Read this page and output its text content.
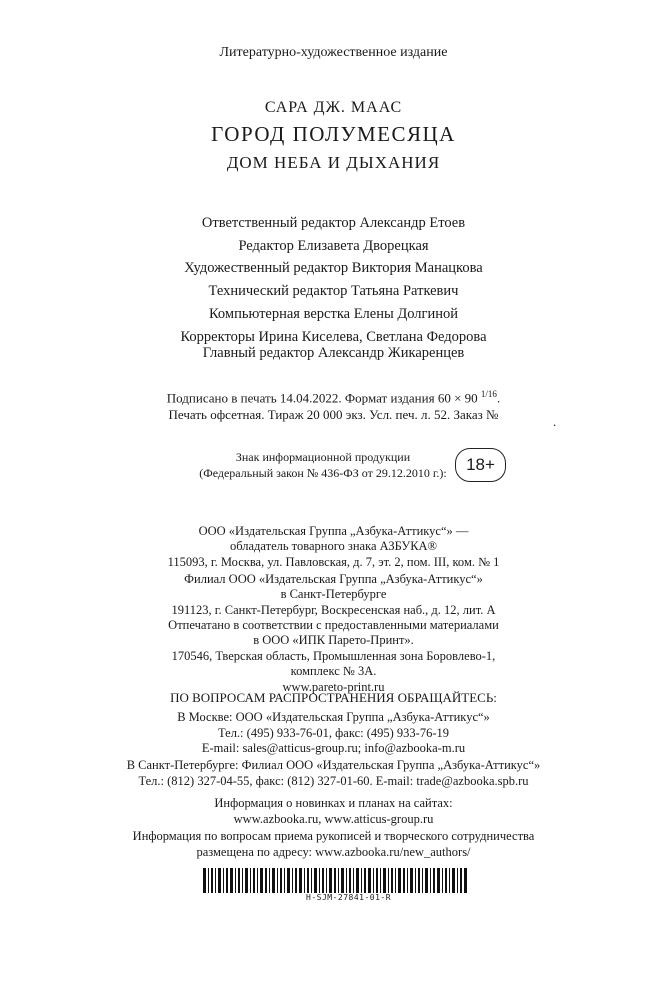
Литературно-художественное издание
САРА ДЖ. МААС
ГОРОД ПОЛУМЕСЯЦА
ДОМ НЕБА И ДЫХАНИЯ
Ответственный редактор Александр Етоев
Редактор Елизавета Дворецкая
Художественный редактор Виктория Манацкова
Технический редактор Татьяна Раткевич
Компьютерная верстка Елены Долгиной
Корректоры Ирина Киселева, Светлана Федорова
Главный редактор Александр Жикаренцев
Подписано в печать 14.04.2022. Формат издания 60 × 90 $^{1/16}$.
Печать офсетная. Тираж 20 000 экз. Усл. печ. л. 52. Заказ №	.
Знак информационной продукции
(Федеральный закон № 436-ФЗ от 29.12.2010 г.):	18+
ООО «Издательская Группа „Азбука-Аттикус“» —
обладатель товарного знака АЗБУКА®
115093, г. Москва, ул. Павловская, д. 7, эт. 2, пом. III, ком. № 1
Филиал ООО «Издательская Группа „Азбука-Аттикус“»
в Санкт-Петербурге
191123, г. Санкт-Петербург, Воскресенская наб., д. 12, лит. А
Отпечатано в соответствии с предоставленными материалами
в ООО «ИПК Парето-Принт».
170546, Тверская область, Промышленная зона Боровлево-1,
комплекс № 3А.
www.pareto-print.ru
ПО ВОПРОСАМ РАСПРОСТРАНЕНИЯ ОБРАЩАЙТЕСЬ:
В Москве: ООО «Издательская Группа „Азбука-Аттикус“»
Тел.: (495) 933-76-01, факс: (495) 933-76-19
E-mail: sales@atticus-group.ru; info@azbooka-m.ru
В Санкт-Петербурге: Филиал ООО «Издательская Группа „Азбука-Аттикус“»
Тел.: (812) 327-04-55, факс: (812) 327-01-60. E-mail: trade@azbooka.spb.ru
Информация о новинках и планах на сайтах:
www.azbooka.ru, www.atticus-group.ru
Информация по вопросам приема рукописей и творческого сотрудничества
размещена по адресу: www.azbooka.ru/new_authors/
Н-SJM-27841-01-R
